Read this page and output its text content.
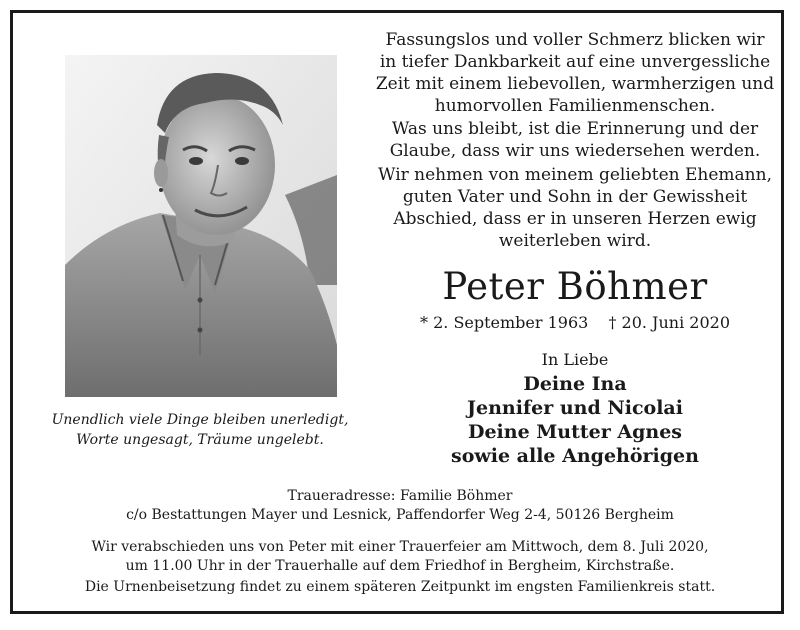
Unendlich viele Dinge bleiben unerledigt,
Worte ungesagt, Träume ungelebt.
Fassungslos und voller Schmerz blicken wir
in tiefer Dankbarkeit auf eine unvergessliche
Zeit mit einem liebevollen, warmherzigen und
humorvollen Familienmenschen.
Was uns bleibt, ist die Erinnerung und der
Glaube, dass wir uns wiedersehen werden.
Wir nehmen von meinem geliebten Ehemann,
guten Vater und Sohn in der Gewissheit
Abschied, dass er in unseren Herzen ewig
weiterleben wird.
Peter Böhmer
* 2. September 1963 † 20. Juni 2020
In Liebe
Deine Ina
Jennifer und Nicolai
Deine Mutter Agnes
sowie alle Angehörigen
Traueradresse: Familie Böhmer
c/o Bestattungen Mayer und Lesnick, Paffendorfer Weg 2-4, 50126 Bergheim
Wir verabschieden uns von Peter mit einer Trauerfeier am Mittwoch, dem 8. Juli 2020,
um 11.00 Uhr in der Trauerhalle auf dem Friedhof in Bergheim, Kirchstraße.
Die Urnenbeisetzung findet zu einem späteren Zeitpunkt im engsten Familienkreis statt.
